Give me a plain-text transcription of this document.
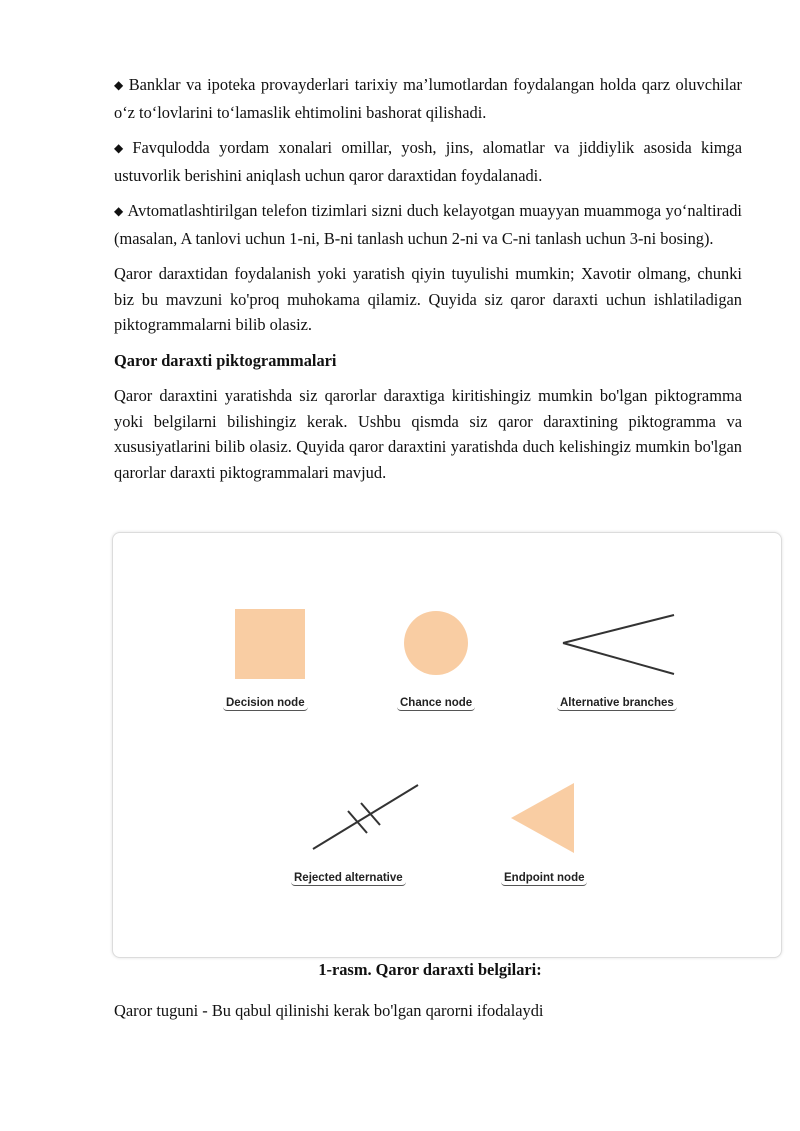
◆ Banklar va ipoteka provayderlari tarixiy ma’lumotlardan foydalangan holda qarz oluvchilar o‘z to‘lovlarini to‘lamaslik ehtimolini bashorat qilishadi.

◆ Favqulodda yordam xonalari omillar, yosh, jins, alomatlar va jiddiylik asosida kimga ustuvorlik berishini aniqlash uchun qaror daraxtidan foydalanadi.

◆ Avtomatlashtirilgan telefon tizimlari sizni duch kelayotgan muayyan muammoga yo‘naltiradi (masalan, A tanlovi uchun 1-ni, B-ni tanlash uchun 2-ni va C-ni tanlash uchun 3-ni bosing).

Qaror daraxtidan foydalanish yoki yaratish qiyin tuyulishi mumkin; Xavotir olmang, chunki biz bu mavzuni ko'proq muhokama qilamiz. Quyida siz qaror daraxti uchun ishlatiladigan piktogrammalarni bilib olasiz.

Qaror daraxti piktogrammalari

Qaror daraxtini yaratishda siz qarorlar daraxtiga kiritishingiz mumkin bo'lgan piktogramma yoki belgilarni bilishingiz kerak. Ushbu qismda siz qaror daraxtining piktogramma va xususiyatlarini bilib olasiz. Quyida qaror daraxtini yaratishda duch kelishingiz mumkin bo'lgan qarorlar daraxti piktogrammalari mavjud.

Decision node	Chance node	Alternative branches
Rejected alternative	Endpoint node
1-rasm. Qaror daraxti belgilari:

Qaror tuguni - Bu qabul qilinishi kerak bo'lgan qarorni ifodalaydi
